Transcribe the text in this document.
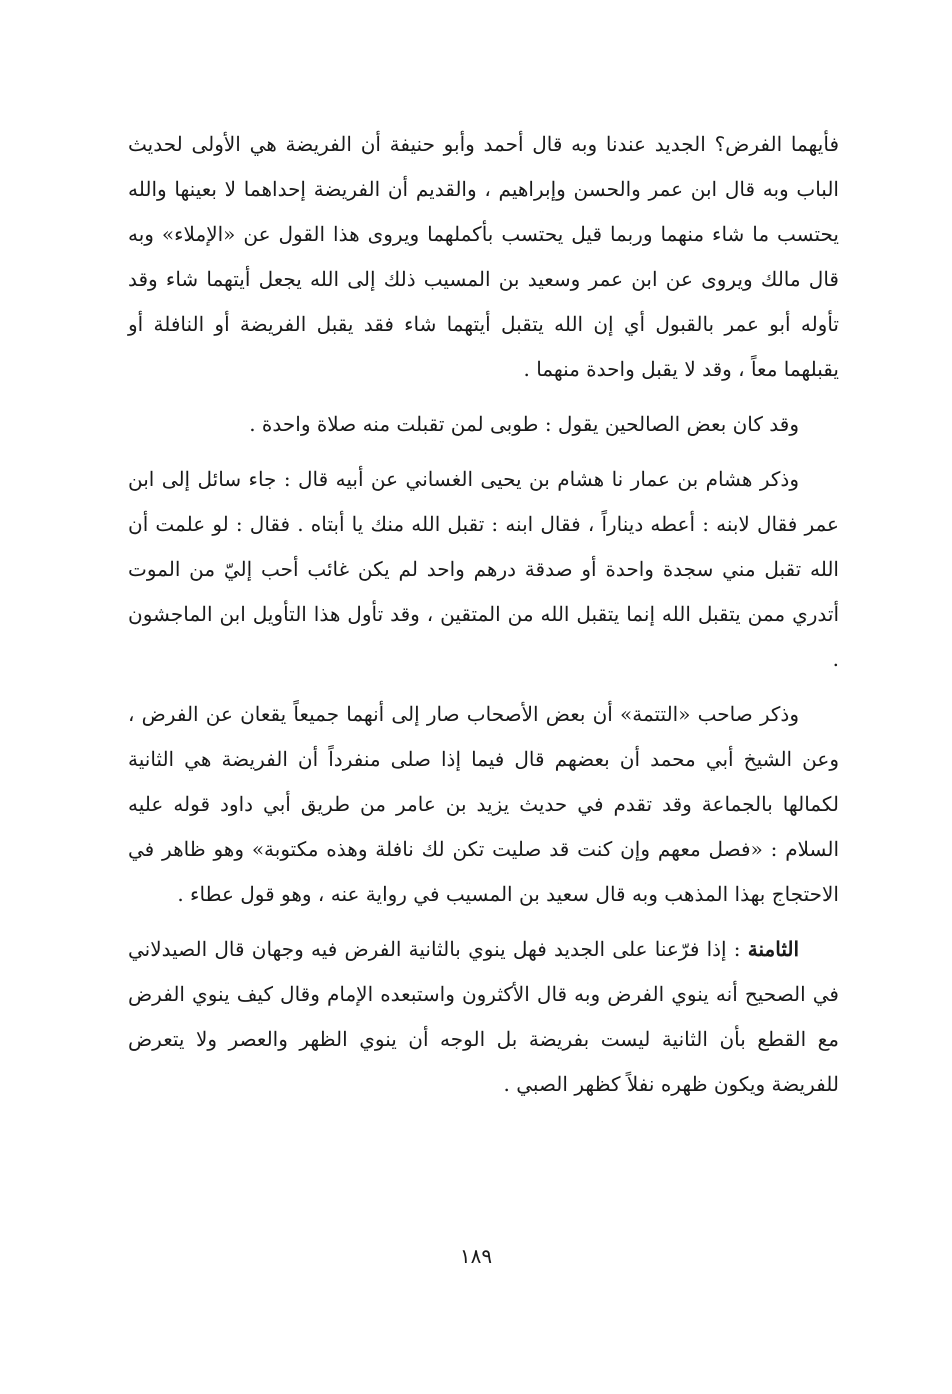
فأيهما الفرض؟ الجديد عندنا وبه قال أحمد وأبو حنيفة أن الفريضة هي الأولى لحديث الباب وبه قال ابن عمر والحسن وإبراهيم ، والقديم أن الفريضة إحداهما لا بعينها والله يحتسب ما شاء منهما وربما قيل يحتسب بأكملهما ويروى هذا القول عن «الإملاء» وبه قال مالك ويروى عن ابن عمر وسعيد بن المسيب ذلك إلى الله يجعل أيتهما شاء وقد تأوله أبو عمر بالقبول أي إن الله يتقبل أيتهما شاء فقد يقبل الفريضة أو النافلة أو يقبلهما معاً ، وقد لا يقبل واحدة منهما .

وقد كان بعض الصالحين يقول : طوبى لمن تقبلت منه صلاة واحدة .

وذكر هشام بن عمار نا هشام بن يحيى الغساني عن أبيه قال : جاء سائل إلى ابن عمر فقال لابنه : أعطه ديناراً ، فقال ابنه : تقبل الله منك يا أبتاه . فقال : لو علمت أن الله تقبل مني سجدة واحدة أو صدقة درهم واحد لم يكن غائب أحب إليّ من الموت أتدري ممن يتقبل الله إنما يتقبل الله من المتقين ، وقد تأول هذا التأويل ابن الماجشون .

وذكر صاحب «التتمة» أن بعض الأصحاب صار إلى أنهما جميعاً يقعان عن الفرض ، وعن الشيخ أبي محمد أن بعضهم قال فيما إذا صلى منفرداً أن الفريضة هي الثانية لكمالها بالجماعة وقد تقدم في حديث يزيد بن عامر من طريق أبي داود قوله عليه السلام : «فصل معهم وإن كنت قد صليت تكن لك نافلة وهذه مكتوبة» وهو ظاهر في الاحتجاج بهذا المذهب وبه قال سعيد بن المسيب في رواية عنه ، وهو قول عطاء .

الثامنة : إذا فرّعنا على الجديد فهل ينوي بالثانية الفرض فيه وجهان قال الصيدلاني في الصحيح أنه ينوي الفرض وبه قال الأكثرون واستبعده الإمام وقال كيف ينوي الفرض مع القطع بأن الثانية ليست بفريضة بل الوجه أن ينوي الظهر والعصر ولا يتعرض للفريضة ويكون ظهره نفلاً كظهر الصبي .

١٨٩
